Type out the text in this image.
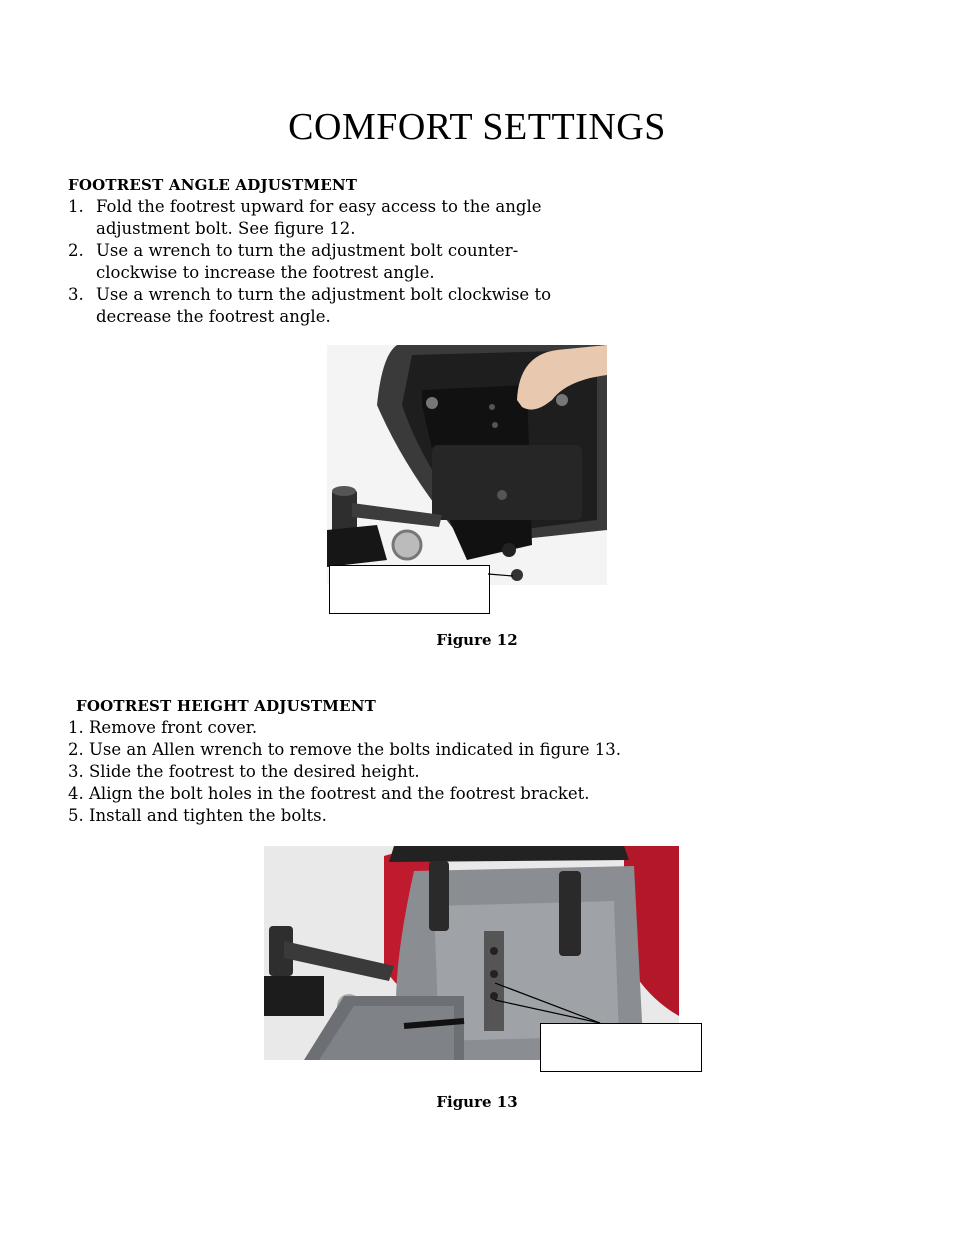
COMFORT SETTINGS
FOOTREST ANGLE ADJUSTMENT
1. Fold the footrest upward for easy access to the angle adjustment bolt. See figure 12.
2. Use a wrench to turn the adjustment bolt counter-clockwise to increase the footrest angle.
3. Use a wrench to turn the adjustment bolt clockwise to decrease the footrest angle.
Figure 12
FOOTREST HEIGHT ADJUSTMENT
1. Remove front cover.
2. Use an Allen wrench to remove the bolts indicated in figure 13.
3. Slide the footrest to the desired height.
4. Align the bolt holes in the footrest and the footrest bracket.
5. Install and tighten the bolts.
Figure 13
